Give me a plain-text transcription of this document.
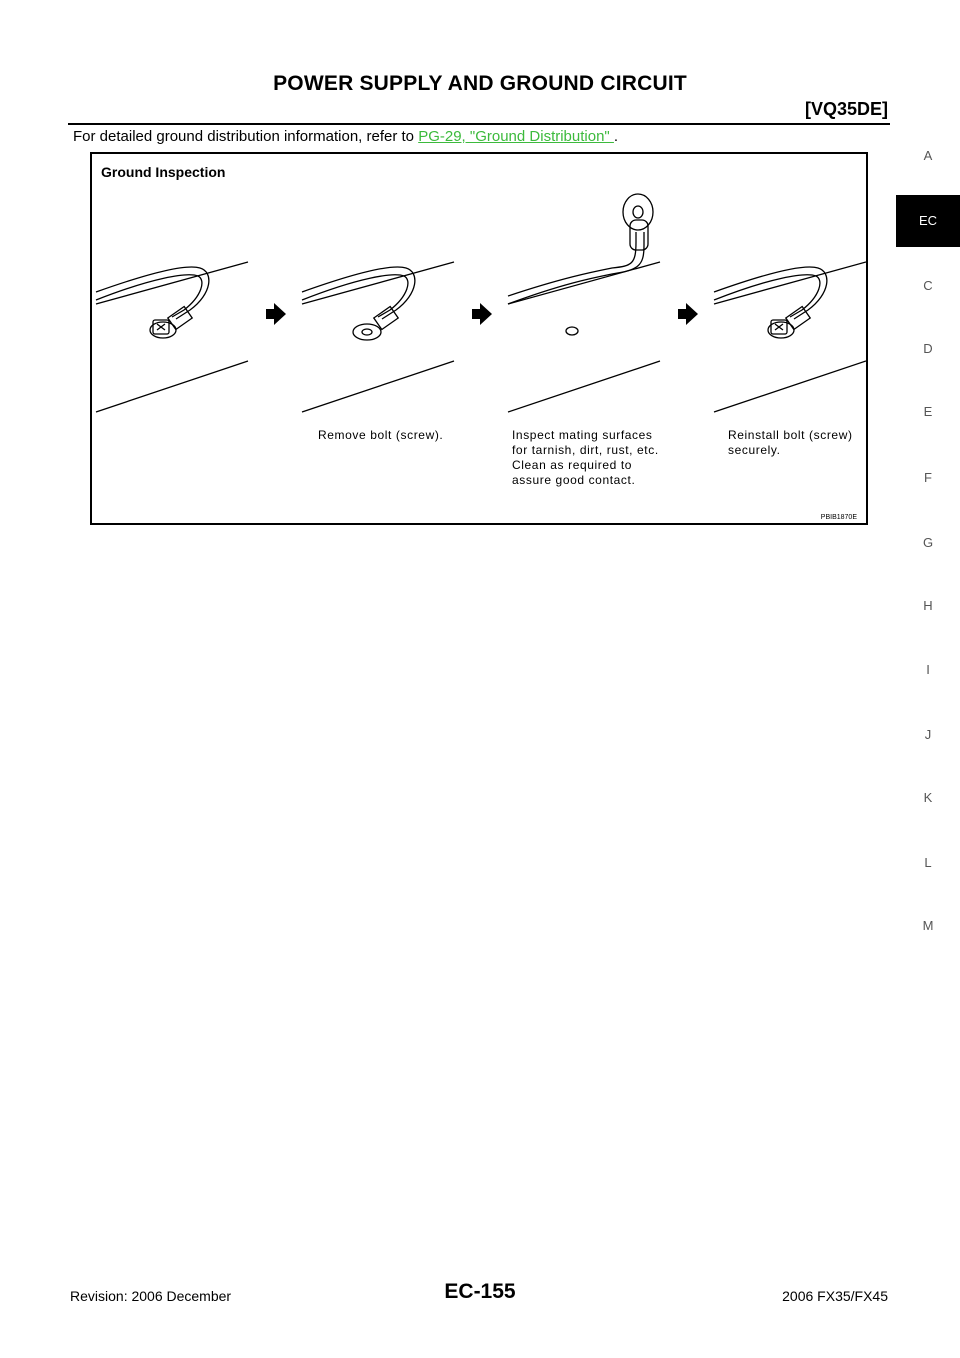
POWER SUPPLY AND GROUND CIRCUIT
[VQ35DE]
For detailed ground distribution information, refer to PG-29, "Ground Distribution" .
Ground Inspection
Remove bolt (screw).	Inspect mating surfaces
for tarnish, dirt, rust, etc.
Clean as required to
assure good contact.
Reinstall bolt (screw)
securely.
PBIB1870E
A
EC
C
D
E
F
G
H
I
J
K
L
M
Revision: 2006 December	EC-155	2006 FX35/FX45
